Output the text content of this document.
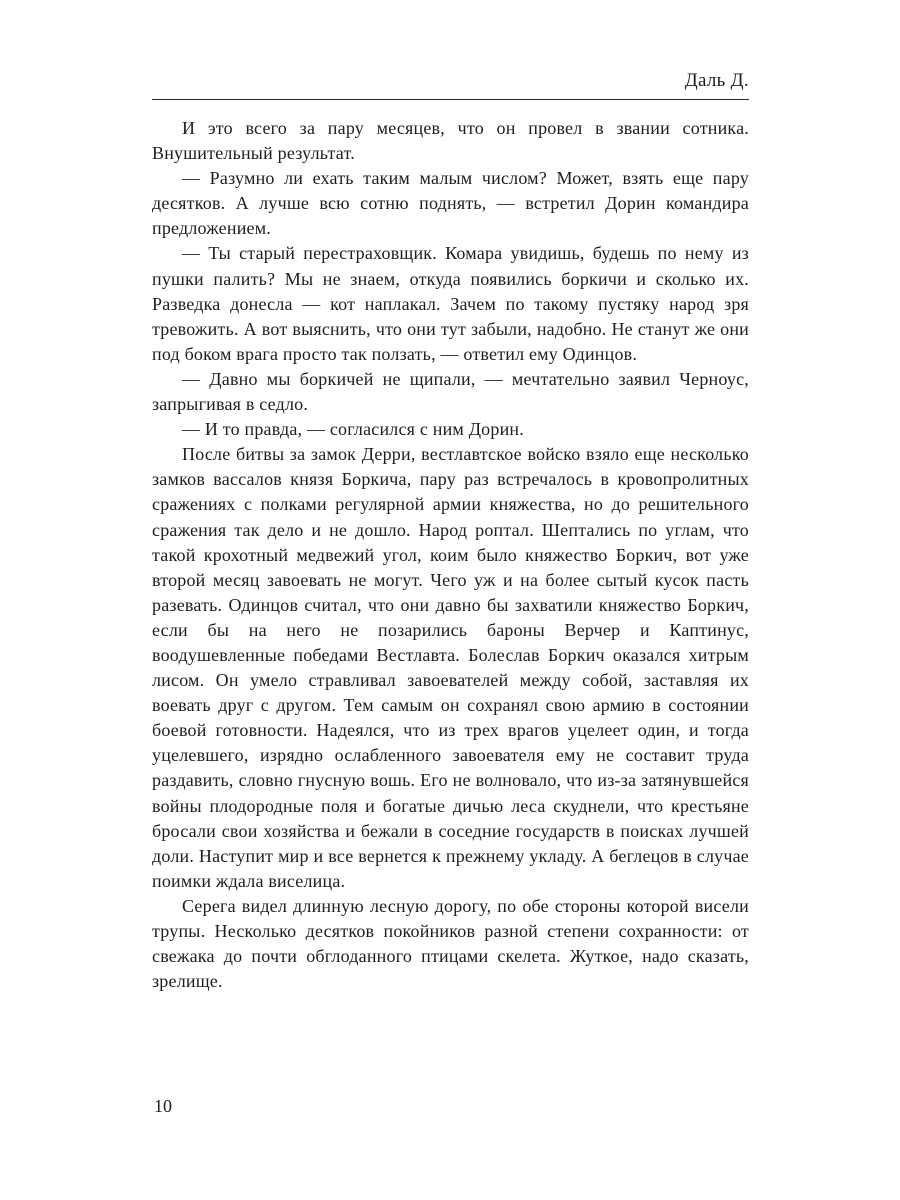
Даль Д.

И это всего за пару месяцев, что он провел в звании сотника. Внушительный результат.

— Разумно ли ехать таким малым числом? Может, взять еще пару десятков. А лучше всю сотню поднять, — встретил Дорин командира предложением.

— Ты старый перестраховщик. Комара увидишь, будешь по нему из пушки палить? Мы не знаем, откуда появились боркичи и сколько их. Разведка донесла — кот наплакал. Зачем по такому пустяку народ зря тревожить. А вот выяснить, что они тут забыли, надобно. Не станут же они под боком врага просто так ползать, — ответил ему Одинцов.

— Давно мы боркичей не щипали, — мечтательно заявил Черноус, запрыгивая в седло.

— И то правда, — согласился с ним Дорин.

После битвы за замок Дерри, вестлавтское войско взяло еще несколько замков вассалов князя Боркича, пару раз встречалось в кровопролитных сражениях с полками регулярной армии княжества, но до решительного сражения так дело и не дошло. Народ роптал. Шептались по углам, что такой крохотный медвежий угол, коим было княжество Боркич, вот уже второй месяц завоевать не могут. Чего уж и на более сытый кусок пасть разевать. Одинцов считал, что они давно бы захватили княжество Боркич, если бы на него не позарились бароны Верчер и Каптинус, воодушевленные победами Вестлавта. Болеслав Боркич оказался хитрым лисом. Он умело стравливал завоевателей между собой, заставляя их воевать друг с другом. Тем самым он сохранял свою армию в состоянии боевой готовности. Надеялся, что из трех врагов уцелеет один, и тогда уцелевшего, изрядно ослабленного завоевателя ему не составит труда раздавить, словно гнусную вошь. Его не волновало, что из-за затянувшейся войны плодородные поля и богатые дичью леса скуднели, что крестьяне бросали свои хозяйства и бежали в соседние государств в поисках лучшей доли. Наступит мир и все вернется к прежнему укладу. А беглецов в случае поимки ждала виселица.

Серега видел длинную лесную дорогу, по обе стороны которой висели трупы. Несколько десятков покойников разной степени сохранности: от свежака до почти обглоданного птицами скелета. Жуткое, надо сказать, зрелище.

10
